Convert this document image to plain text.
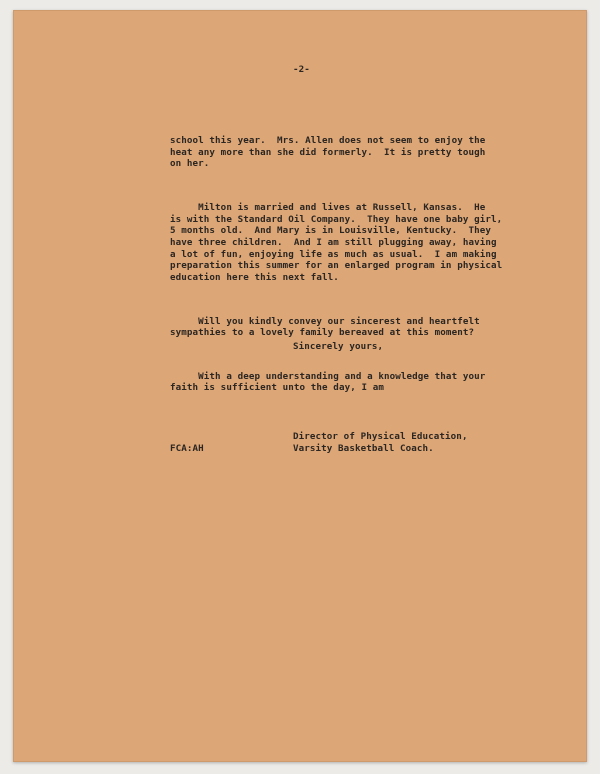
-2-

school this year.  Mrs. Allen does not seem to enjoy the
heat any more than she did formerly.  It is pretty tough
on her.

Milton is married and lives at Russell, Kansas.  He
is with the Standard Oil Company.  They have one baby girl,
5 months old.  And Mary is in Louisville, Kentucky.  They
have three children.  And I am still plugging away, having
a lot of fun, enjoying life as much as usual.  I am making
preparation this summer for an enlarged program in physical
education here this next fall.

Will you kindly convey our sincerest and heartfelt
sympathies to a lovely family bereaved at this moment?

With a deep understanding and a knowledge that your
faith is sufficient unto the day, I am

Sincerely yours,
Director of Physical Education,
Varsity Basketball Coach.
FCA:AH
